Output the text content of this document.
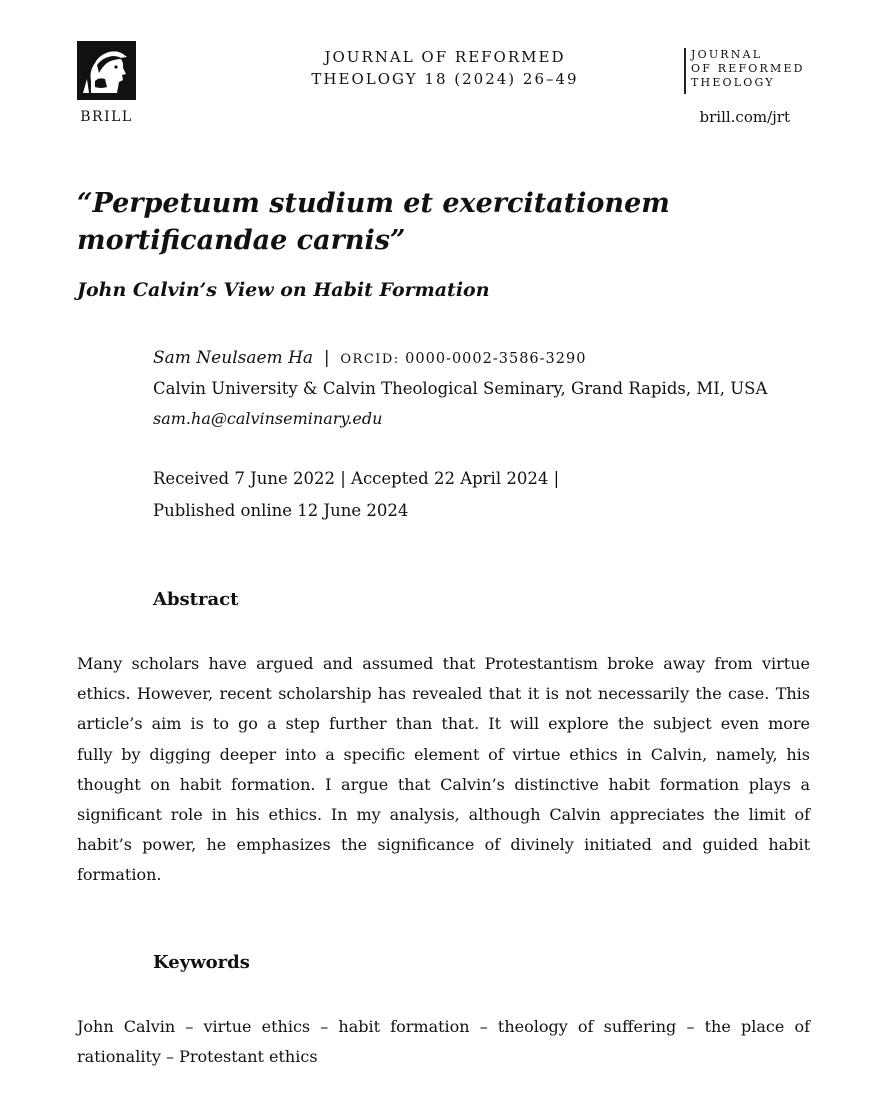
BRILL
JOURNAL OF REFORMED
THEOLOGY 18 (2024) 26–49
JOURNAL
OF REFORMED
THEOLOGY
brill.com/jrt
“Perpetuum studium et exercitationem
mortificandae carnis”
John Calvin’s View on Habit Formation
Sam Neulsaem Ha | ORCID: 0000-0002-3586-3290
Calvin University & Calvin Theological Seminary, Grand Rapids, MI, USA
sam.ha@calvinseminary.edu
Received 7 June 2022 | Accepted 22 April 2024 |
Published online 12 June 2024
Abstract
Many scholars have argued and assumed that Protestantism broke away from virtue
ethics. However, recent scholarship has revealed that it is not necessarily the case. This
article’s aim is to go a step further than that. It will explore the subject even more
fully by digging deeper into a specific element of virtue ethics in Calvin, namely, his
thought on habit formation. I argue that Calvin’s distinctive habit formation plays a
significant role in his ethics. In my analysis, although Calvin appreciates the limit of
habit’s power, he emphasizes the significance of divinely initiated and guided habit
formation.
Keywords
John Calvin – virtue ethics – habit formation – theology of suffering – the place of
rationality – Protestant ethics
